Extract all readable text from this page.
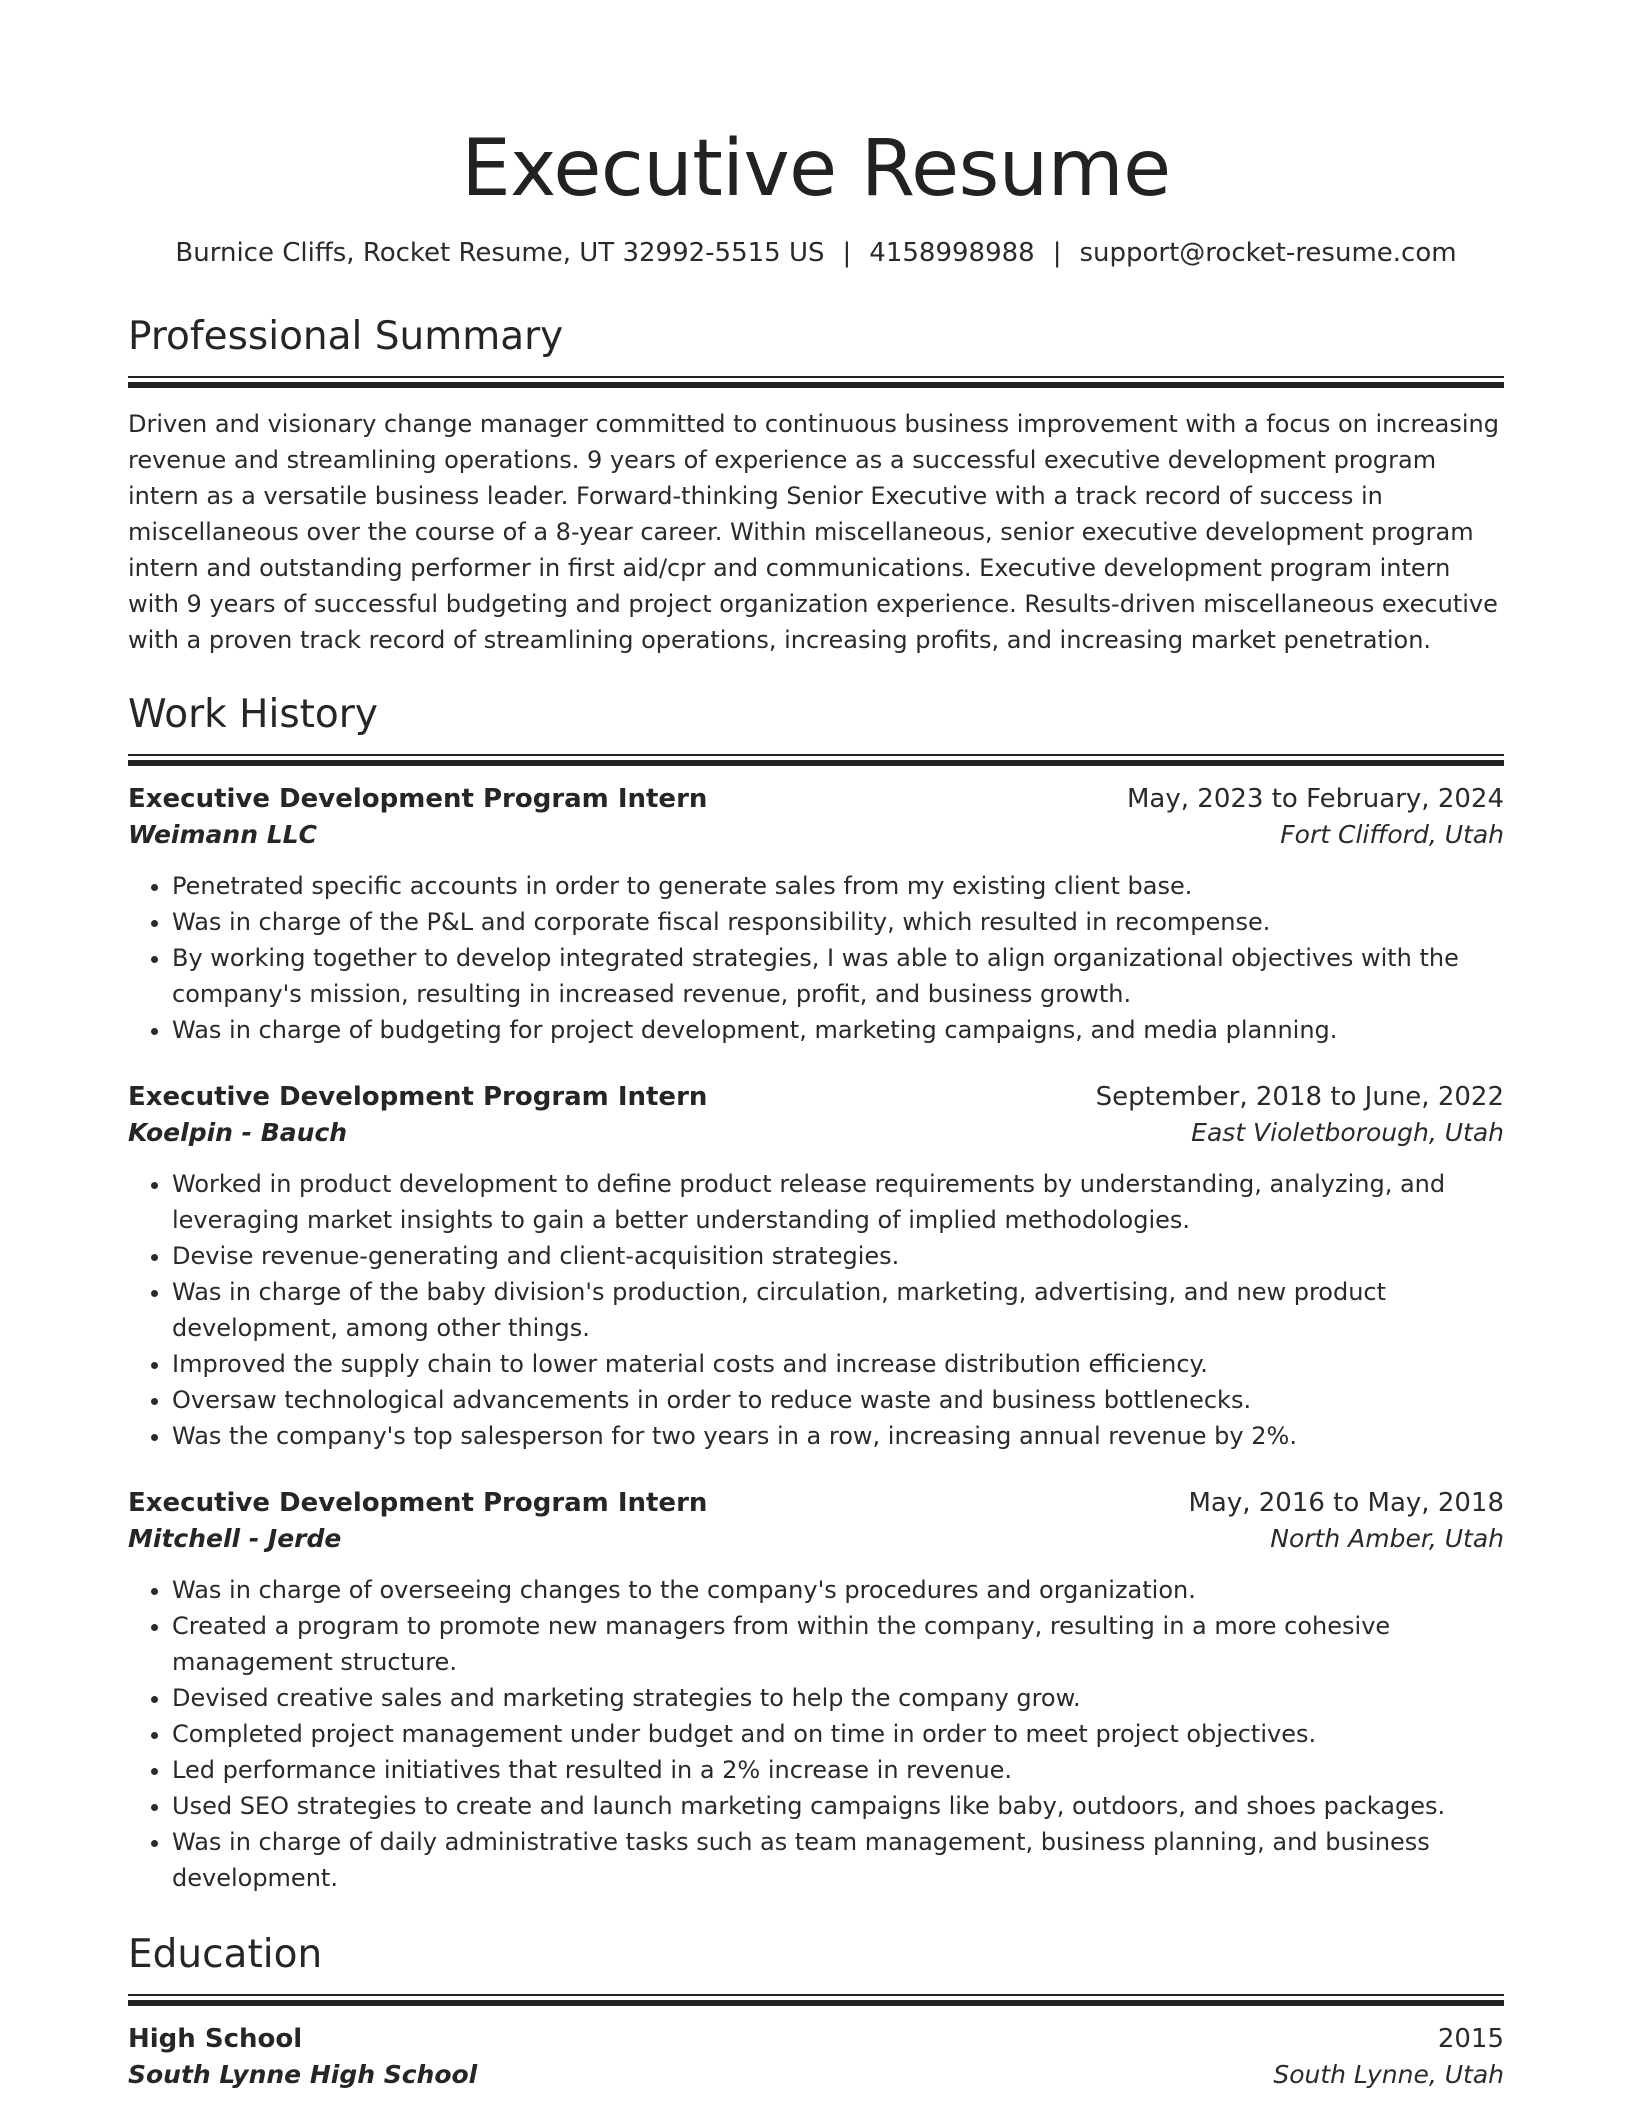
Executive Resume
Burnice Cliffs, Rocket Resume, UT 32992-5515 US | 4158998988 | support@rocket-resume.com
Professional Summary
Driven and visionary change manager committed to continuous business improvement with a focus on increasing revenue and streamlining operations. 9 years of experience as a successful executive development program intern as a versatile business leader. Forward-thinking Senior Executive with a track record of success in miscellaneous over the course of a 8-year career. Within miscellaneous, senior executive development program intern and outstanding performer in first aid/cpr and communications. Executive development program intern with 9 years of successful budgeting and project organization experience. Results-driven miscellaneous executive with a proven track record of streamlining operations, increasing profits, and increasing market penetration.
Work History
Executive Development Program Intern	May, 2023 to February, 2024
Weimann LLC	Fort Clifford, Utah
• Penetrated specific accounts in order to generate sales from my existing client base.
• Was in charge of the P&L and corporate fiscal responsibility, which resulted in recompense.
• By working together to develop integrated strategies, I was able to align organizational objectives with the company's mission, resulting in increased revenue, profit, and business growth.
• Was in charge of budgeting for project development, marketing campaigns, and media planning.
Executive Development Program Intern	September, 2018 to June, 2022
Koelpin - Bauch	East Violetborough, Utah
• Worked in product development to define product release requirements by understanding, analyzing, and leveraging market insights to gain a better understanding of implied methodologies.
• Devise revenue-generating and client-acquisition strategies.
• Was in charge of the baby division's production, circulation, marketing, advertising, and new product development, among other things.
• Improved the supply chain to lower material costs and increase distribution efficiency.
• Oversaw technological advancements in order to reduce waste and business bottlenecks.
• Was the company's top salesperson for two years in a row, increasing annual revenue by 2%.
Executive Development Program Intern	May, 2016 to May, 2018
Mitchell - Jerde	North Amber, Utah
• Was in charge of overseeing changes to the company's procedures and organization.
• Created a program to promote new managers from within the company, resulting in a more cohesive management structure.
• Devised creative sales and marketing strategies to help the company grow.
• Completed project management under budget and on time in order to meet project objectives.
• Led performance initiatives that resulted in a 2% increase in revenue.
• Used SEO strategies to create and launch marketing campaigns like baby, outdoors, and shoes packages.
• Was in charge of daily administrative tasks such as team management, business planning, and business development.
Education
High School	2015
South Lynne High School	South Lynne, Utah
